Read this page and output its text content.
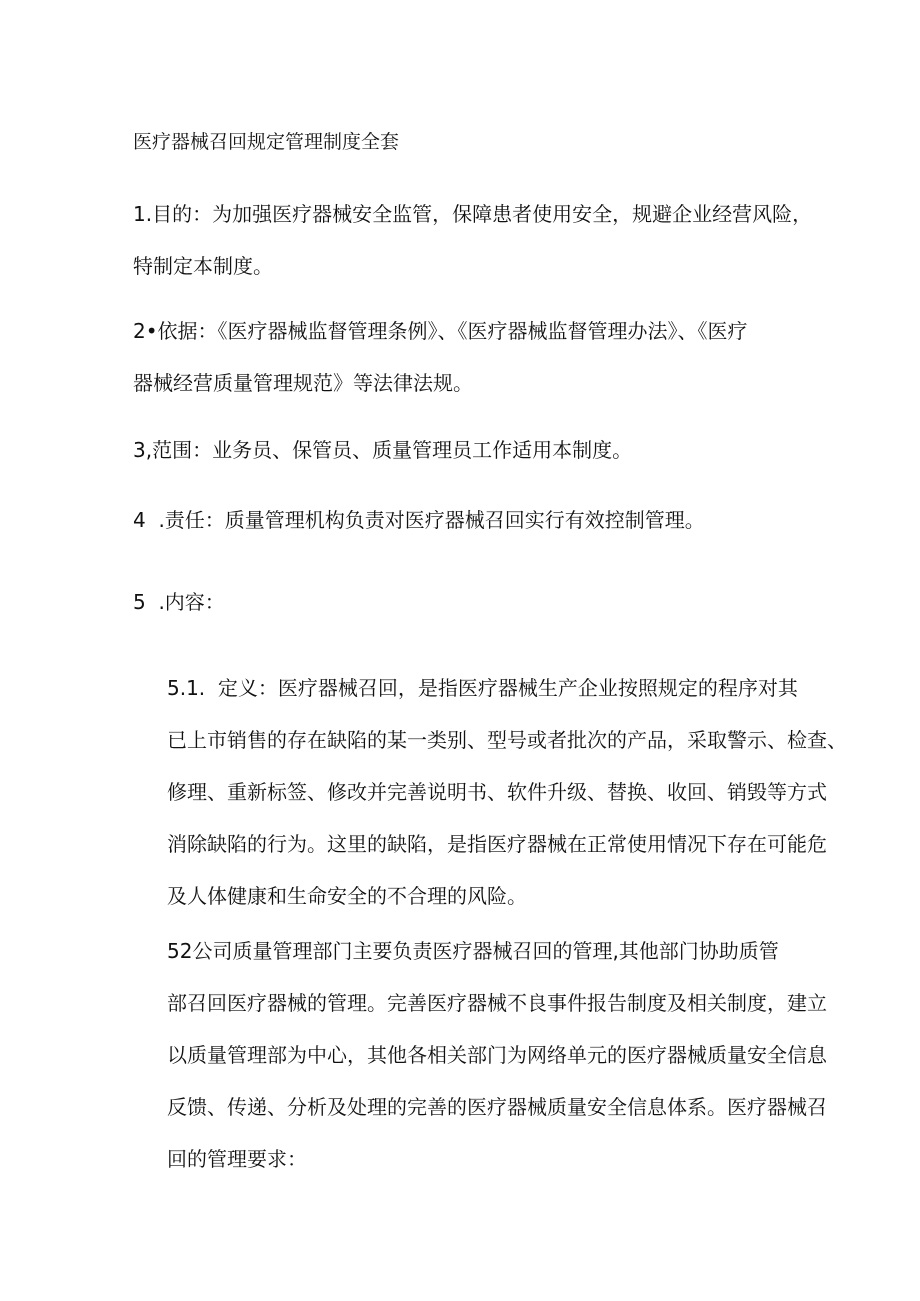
医疗器械召回规定管理制度全套

1.目的：为加强医疗器械安全监管，保障患者使用安全，规避企业经营风险，
特制定本制度。

2•依据：《医疗器械监督管理条例》、《医疗器械监督管理办法》、《医疗
器械经营质量管理规范》等法律法规。

3,范围：业务员、保管员、质量管理员工作适用本制度。

4  .责任：质量管理机构负责对医疗器械召回实行有效控制管理。

5  .内容：

5.1.  定义：医疗器械召回，是指医疗器械生产企业按照规定的程序对其
已上市销售的存在缺陷的某一类别、型号或者批次的产品，采取警示、检查、
修理、重新标签、修改并完善说明书、软件升级、替换、收回、销毁等方式
消除缺陷的行为。这里的缺陷，是指医疗器械在正常使用情况下存在可能危
及人体健康和生命安全的不合理的风险。

52公司质量管理部门主要负责医疗器械召回的管理,其他部门协助质管
部召回医疗器械的管理。完善医疗器械不良事件报告制度及相关制度，建立
以质量管理部为中心，其他各相关部门为网络单元的医疗器械质量安全信息
反馈、传递、分析及处理的完善的医疗器械质量安全信息体系。医疗器械召
回的管理要求：
